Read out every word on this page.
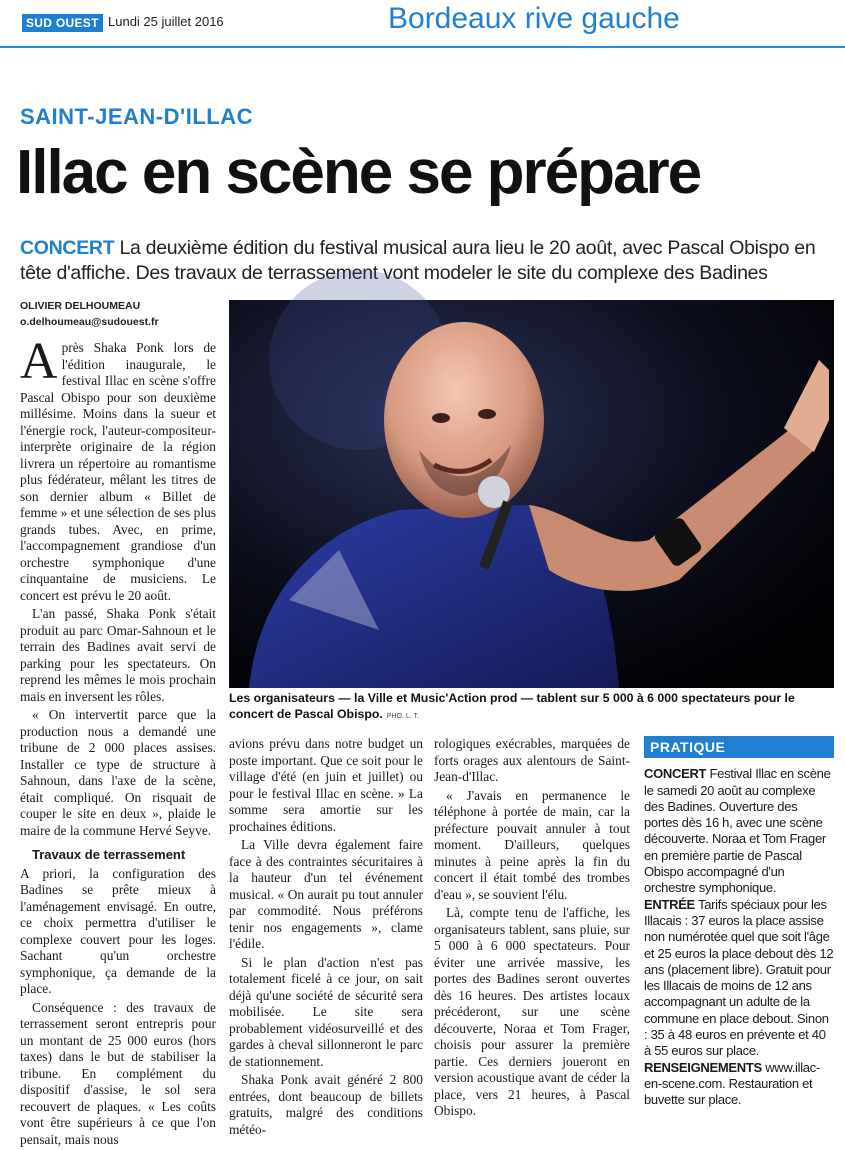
SUD OUEST Lundi 25 juillet 2016	Bordeaux rive gauche
SAINT-JEAN-D'ILLAC
Illac en scène se prépare
CONCERT La deuxième édition du festival musical aura lieu le 20 août, avec Pascal Obispo en tête d'affiche. Des travaux de terrassement vont modeler le site du complexe des Badines
OLIVIER DELHOUMEAU
o.delhoumeau@sudouest.fr

Après Shaka Ponk lors de l'édition inaugurale, le festival Illac en scène s'offre Pascal Obispo pour son deuxième millésime. Moins dans la sueur et l'énergie rock, l'auteur-compositeur-interprète originaire de la région livrera un répertoire au romantisme plus fédérateur, mêlant les titres de son dernier album « Billet de femme » et une sélection de ses plus grands tubes. Avec, en prime, l'accompagnement grandiose d'un orchestre symphonique d'une cinquantaine de musiciens. Le concert est prévu le 20 août.

L'an passé, Shaka Ponk s'était produit au parc Omar-Sahnoun et le terrain des Badines avait servi de parking pour les spectateurs. On reprend les mêmes le mois prochain mais en inversent les rôles.

« On intervertit parce que la production nous a demandé une tribune de 2 000 places assises. Installer ce type de structure à Sahnoun, dans l'axe de la scène, était compliqué. On risquait de couper le site en deux », plaide le maire de la commune Hervé Seyve.

Travaux de terrassement

A priori, la configuration des Badines se prête mieux à l'aménagement envisagé. En outre, ce choix permettra d'utiliser le complexe couvert pour les loges. Sachant qu'un orchestre symphonique, ça demande de la place.

Conséquence : des travaux de terrassement seront entrepris pour un montant de 25 000 euros (hors taxes) dans le but de stabiliser la tribune. En complément du dispositif d'assise, le sol sera recouvert de plaques. « Les coûts vont être supérieurs à ce que l'on pensait, mais nous

Les organisateurs — la Ville et Music'Action prod — tablent sur 5 000 à 6 000 spectateurs pour le concert de Pascal Obispo. PHO. L. T.

avions prévu dans notre budget un poste important. Que ce soit pour le village d'été (en juin et juillet) ou pour le festival Illac en scène. » La somme sera amortie sur les prochaines éditions.

La Ville devra également faire face à des contraintes sécuritaires à la hauteur d'un tel événement musical. « On aurait pu tout annuler par commodité. Nous préférons tenir nos engagements », clame l'édile.

Si le plan d'action n'est pas totalement ficelé à ce jour, on sait déjà qu'une société de sécurité sera mobilisée. Le site sera probablement vidéosurveillé et des gardes à cheval sillonneront le parc de stationnement.

Shaka Ponk avait généré 2 800 entrées, dont beaucoup de billets gratuits, malgré des conditions météo-

rologiques exécrables, marquées de forts orages aux alentours de Saint-Jean-d'Illac.

« J'avais en permanence le téléphone à portée de main, car la préfecture pouvait annuler à tout moment. D'ailleurs, quelques minutes à peine après la fin du concert il était tombé des trombes d'eau », se souvient l'élu.

Là, compte tenu de l'affiche, les organisateurs tablent, sans pluie, sur 5 000 à 6 000 spectateurs. Pour éviter une arrivée massive, les portes des Badines seront ouvertes dès 16 heures. Des artistes locaux précéderont, sur une scène découverte, Noraa et Tom Frager, choisis pour assurer la première partie. Ces derniers joueront en version acoustique avant de céder la place, vers 21 heures, à Pascal Obispo.

PRATIQUE

CONCERT Festival Illac en scène le samedi 20 août au complexe des Badines. Ouverture des portes dès 16 h, avec une scène découverte. Noraa et Tom Frager en première partie de Pascal Obispo accompagné d'un orchestre symphonique.

ENTRÉE Tarifs spéciaux pour les Illacais : 37 euros la place assise non numérotée quel que soit l'âge et 25 euros la place debout dès 12 ans (placement libre). Gratuit pour les Illacais de moins de 12 ans accompagnant un adulte de la commune en place debout. Sinon : 35 à 48 euros en prévente et 40 à 55 euros sur place.

RENSEIGNEMENTS www.illac-en-scene.com. Restauration et buvette sur place.
